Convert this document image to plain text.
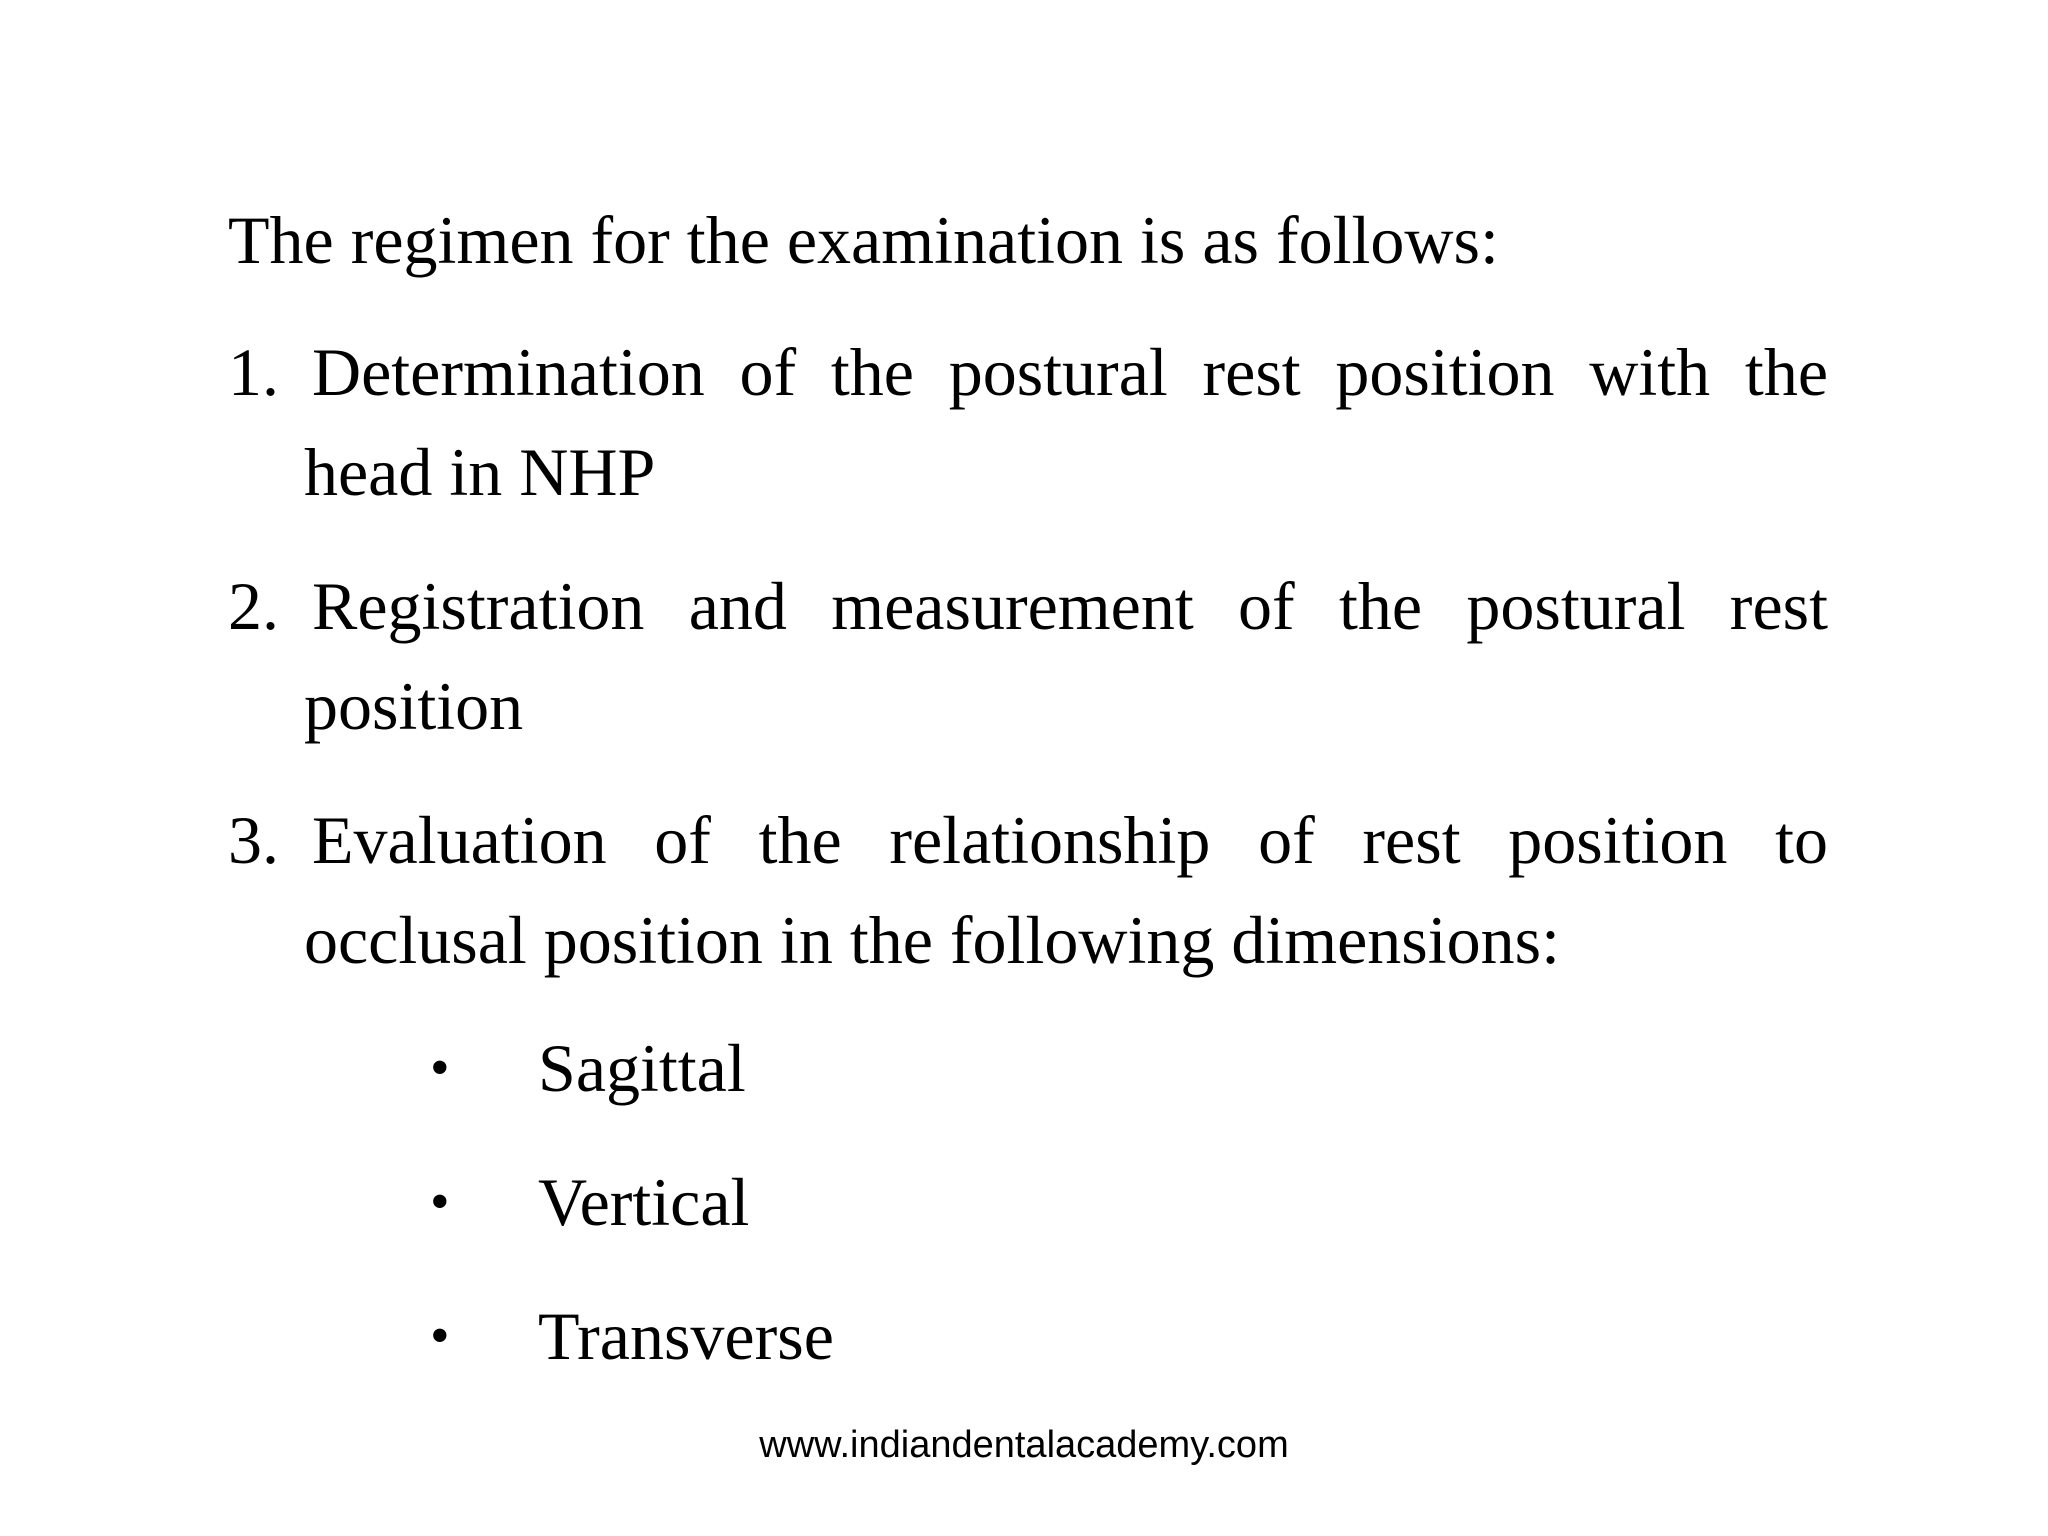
The regimen for the examination is as follows:
1. Determination of the postural rest position with the
head in NHP
2. Registration and measurement of the postural rest
position
3. Evaluation of the relationship of rest position to
occlusal position in the following dimensions:
• Sagittal
• Vertical
• Transverse
www.indiandentalacademy.com
